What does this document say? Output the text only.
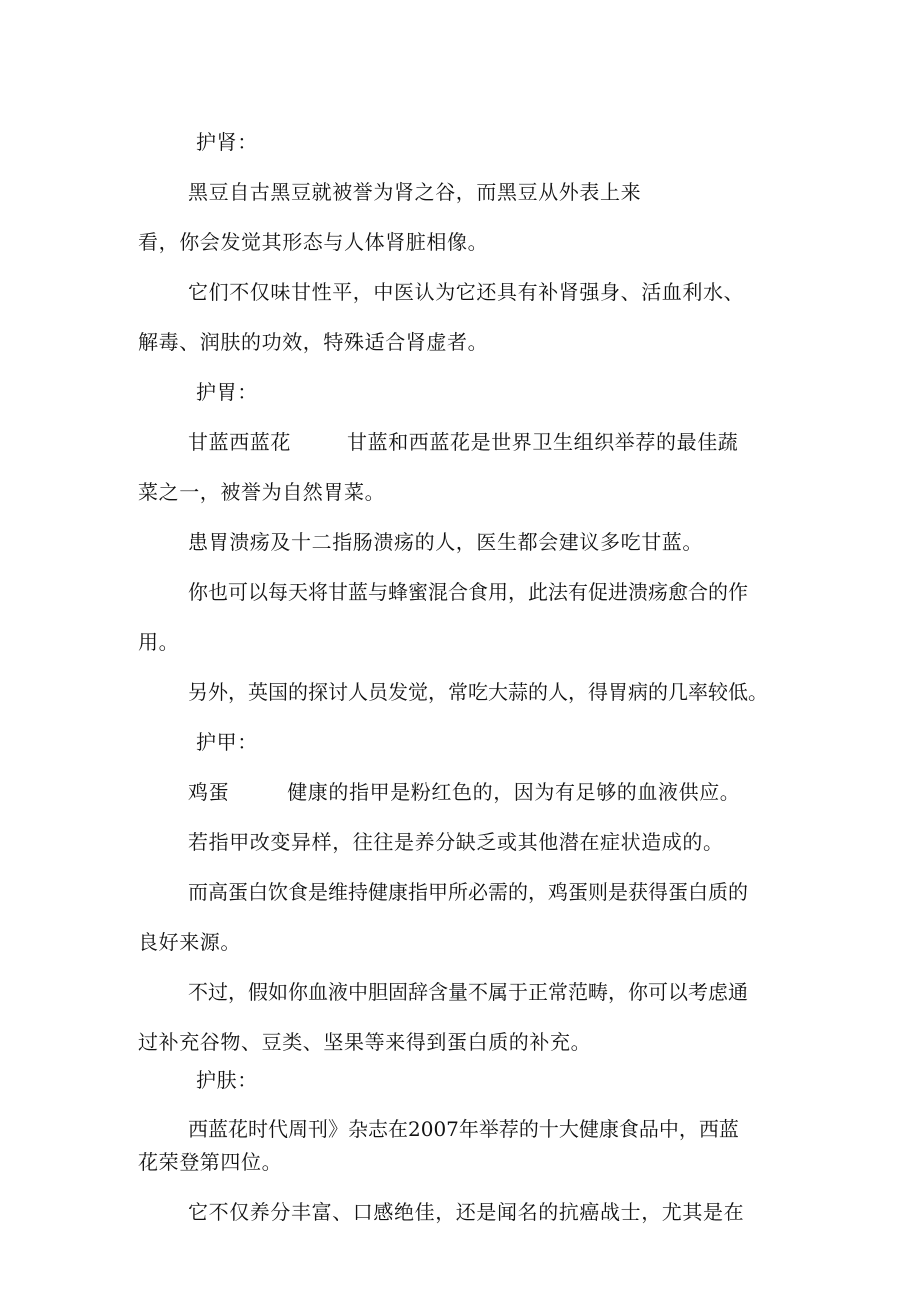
护肾：
黑豆自古黑豆就被誉为肾之谷，而黑豆从外表上来
看，你会发觉其形态与人体肾脏相像。
它们不仅味甘性平，中医认为它还具有补肾强身、活血利水、
解毒、润肤的功效，特殊适合肾虚者。
护胃：
甘蓝西蓝花	甘蓝和西蓝花是世界卫生组织举荐的最佳蔬
菜之一，被誉为自然胃菜。
患胃溃疡及十二指肠溃疡的人，医生都会建议多吃甘蓝。
你也可以每天将甘蓝与蜂蜜混合食用，此法有促进溃疡愈合的作
用。
另外，英国的探讨人员发觉，常吃大蒜的人，得胃病的几率较低。
护甲：
鸡蛋	健康的指甲是粉红色的，因为有足够的血液供应。
若指甲改变异样，往往是养分缺乏或其他潜在症状造成的。
而高蛋白饮食是维持健康指甲所必需的，鸡蛋则是获得蛋白质的
良好来源。
不过，假如你血液中胆固辞含量不属于正常范畴，你可以考虑通
过补充谷物、豆类、坚果等来得到蛋白质的补充。
护肤：
西蓝花时代周刊》杂志在2007年举荐的十大健康食品中，西蓝
花荣登第四位。
它不仅养分丰富、口感绝佳，还是闻名的抗癌战士，尤其是在
